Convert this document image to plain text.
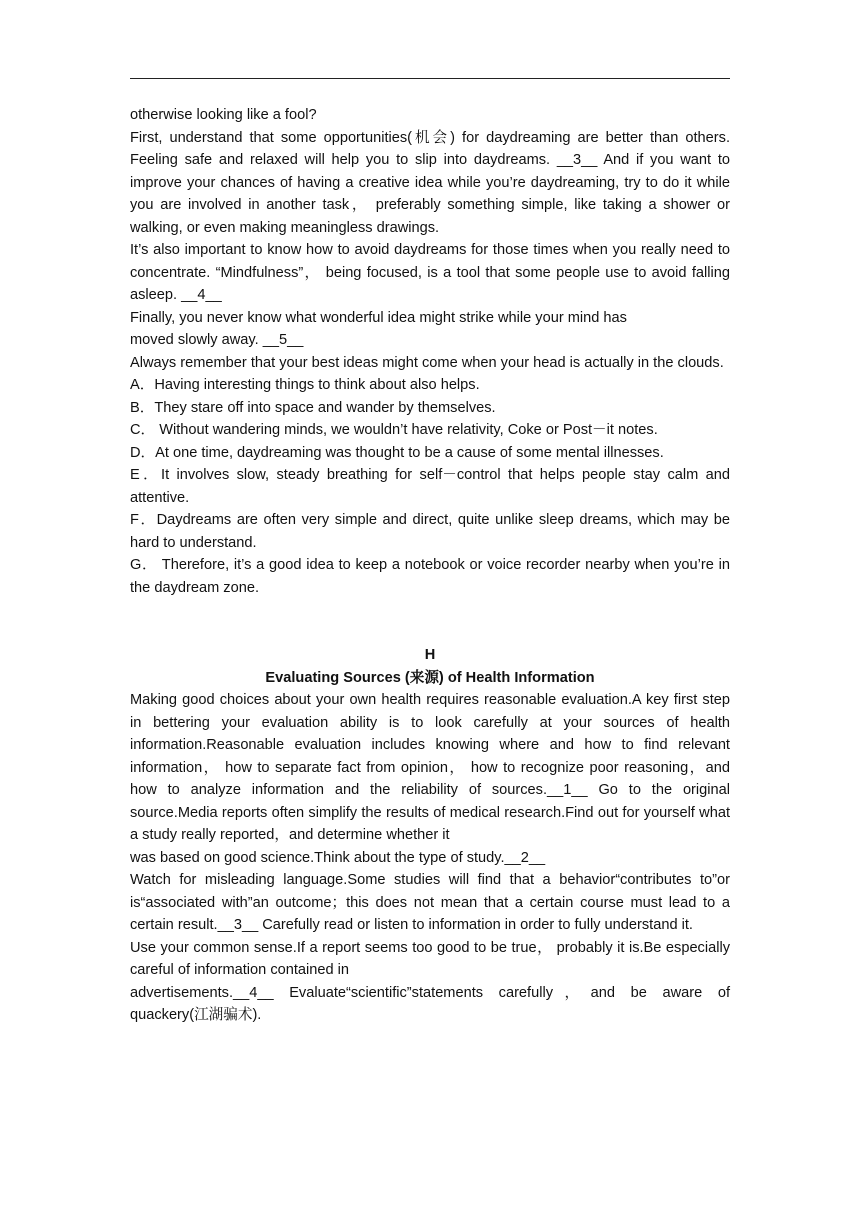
otherwise looking like a fool?

First, understand that some opportunities(机会) for daydreaming are better than others. Feeling safe and relaxed will help you to slip into daydreams. __3__ And if you want to improve your chances of having a creative idea while you’re daydreaming, try to do it while you are involved in another task， preferably something simple, like taking a shower or walking, or even making meaningless drawings.

It’s also important to know how to avoid daydreams for those times when you really need to concentrate. “Mindfulness”， being focused, is a tool that some people use to avoid falling asleep. __4__

Finally, you never know what wonderful idea might strike while your mind has

moved slowly away. __5__

Always remember that your best ideas might come when your head is actually in the clouds.

A．Having interesting things to think about also helps.

B．They stare off into space and wander by themselves.

C． Without wandering minds, we wouldn’t have relativity, Coke or Post－it notes.

D．At one time, daydreaming was thought to be a cause of some mental illnesses.

E．It involves slow, steady breathing for self－control that helps people stay calm and attentive.

F．Daydreams are often very simple and direct, quite unlike sleep dreams, which may be hard to understand.

G． Therefore, it’s a good idea to keep a notebook or voice recorder nearby when you’re in the daydream zone.

H

Evaluating Sources (来源) of Health Information

Making good choices about your own health requires reasonable evaluation.A key first step in bettering your evaluation ability is to look carefully at your sources of health information.Reasonable evaluation includes knowing where and how to find relevant information， how to separate fact from opinion， how to recognize poor reasoning，and how to analyze information and the reliability of sources.__1__ Go to the original source.Media reports often simplify the results of medical research.Find out for yourself what a study really reported，and determine whether it

was based on good science.Think about the type of study.__2__

Watch for misleading language.Some studies will find that a behavior“contributes to”or is“associated with”an outcome；this does not mean that a certain course must lead to a certain result.__3__ Carefully read or listen to information in order to fully understand it.

Use your common sense.If a report seems too good to be true， probably it is.Be especially careful of information contained in

advertisements.__4__ Evaluate“scientific”statements carefully，and be aware of quackery(江湖骗术).
